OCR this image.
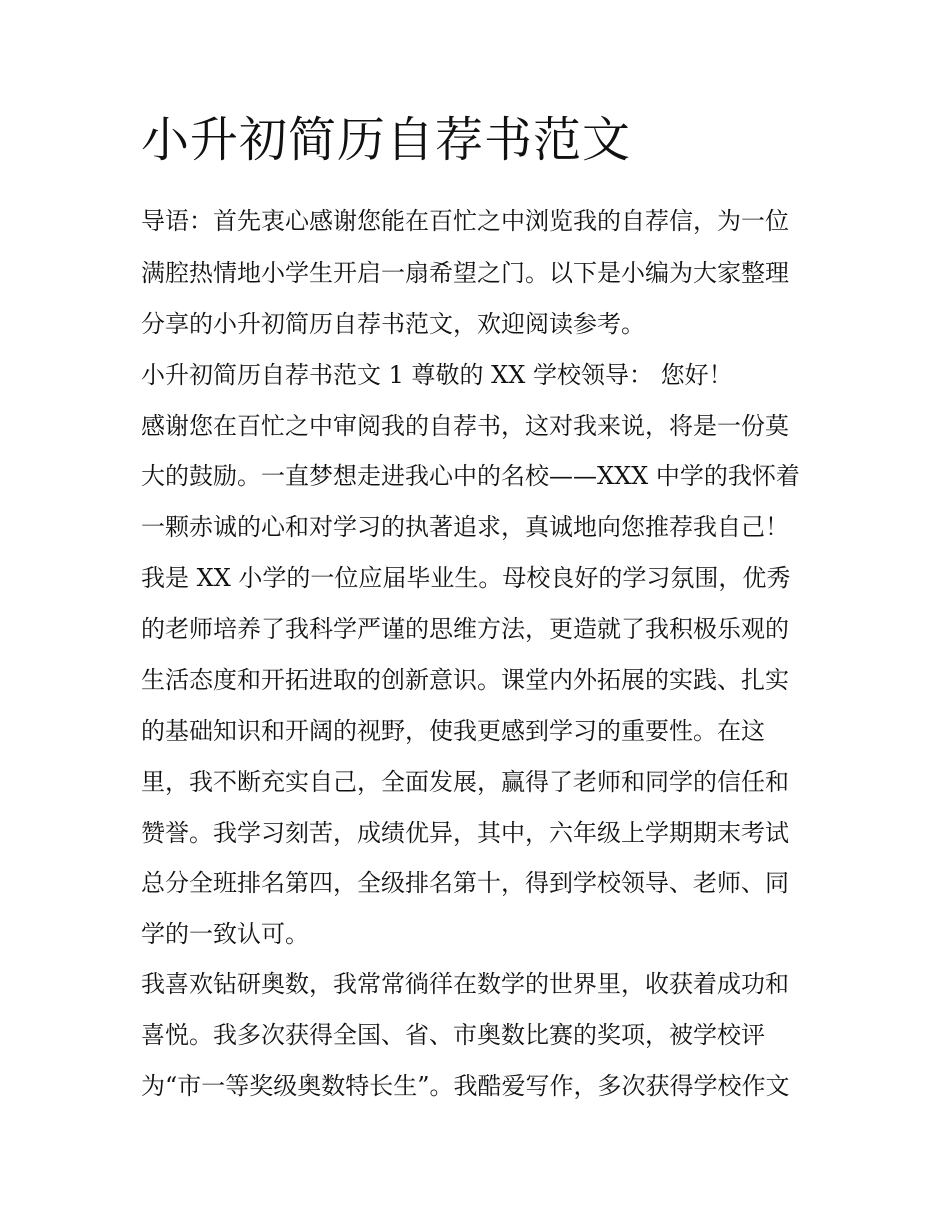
小升初简历自荐书范文

导语：首先衷心感谢您能在百忙之中浏览我的自荐信，为一位

满腔热情地小学生开启一扇希望之门。以下是小编为大家整理

分享的小升初简历自荐书范文，欢迎阅读参考。

小升初简历自荐书范文 1 尊敬的 XX 学校领导： 您好！

感谢您在百忙之中审阅我的自荐书，这对我来说，将是一份莫

大的鼓励。一直梦想走进我心中的名校——XXX 中学的我怀着

一颗赤诚的心和对学习的执著追求，真诚地向您推荐我自己！

我是 XX 小学的一位应届毕业生。母校良好的学习氛围，优秀

的老师培养了我科学严谨的思维方法，更造就了我积极乐观的

生活态度和开拓进取的创新意识。课堂内外拓展的实践、扎实

的基础知识和开阔的视野，使我更感到学习的重要性。在这

里，我不断充实自己，全面发展，赢得了老师和同学的信任和

赞誉。我学习刻苦，成绩优异，其中，六年级上学期期末考试

总分全班排名第四，全级排名第十，得到学校领导、老师、同

学的一致认可。

我喜欢钻研奥数，我常常徜徉在数学的世界里，收获着成功和

喜悦。我多次获得全国、省、市奥数比赛的奖项，被学校评

为“市一等奖级奥数特长生”。我酷爱写作，多次获得学校作文
